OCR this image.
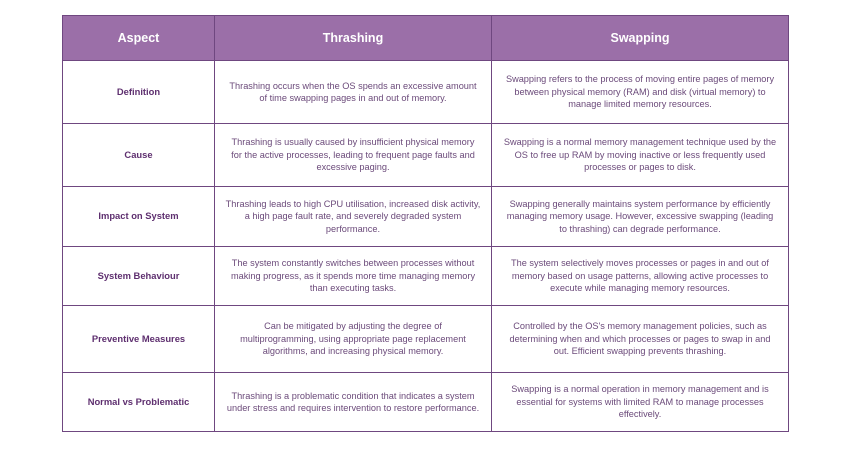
Aspect	Thrashing	Swapping
Definition	Thrashing occurs when the OS spends an excessive amount of time swapping pages in and out of memory.	Swapping refers to the process of moving entire pages of memory between physical memory (RAM) and disk (virtual memory) to manage limited memory resources.
Cause	Thrashing is usually caused by insufficient physical memory for the active processes, leading to frequent page faults and excessive paging.	Swapping is a normal memory management technique used by the OS to free up RAM by moving inactive or less frequently used processes or pages to disk.
Impact on System	Thrashing leads to high CPU utilisation, increased disk activity, a high page fault rate, and severely degraded system performance.	Swapping generally maintains system performance by efficiently managing memory usage. However, excessive swapping (leading to thrashing) can degrade performance.
System Behaviour	The system constantly switches between processes without making progress, as it spends more time managing memory than executing tasks.	The system selectively moves processes or pages in and out of memory based on usage patterns, allowing active processes to execute while managing memory resources.
Preventive Measures	Can be mitigated by adjusting the degree of multiprogramming, using appropriate page replacement algorithms, and increasing physical memory.	Controlled by the OS's memory management policies, such as determining when and which processes or pages to swap in and out. Efficient swapping prevents thrashing.
Normal vs Problematic	Thrashing is a problematic condition that indicates a system under stress and requires intervention to restore performance.	Swapping is a normal operation in memory management and is essential for systems with limited RAM to manage processes effectively.
